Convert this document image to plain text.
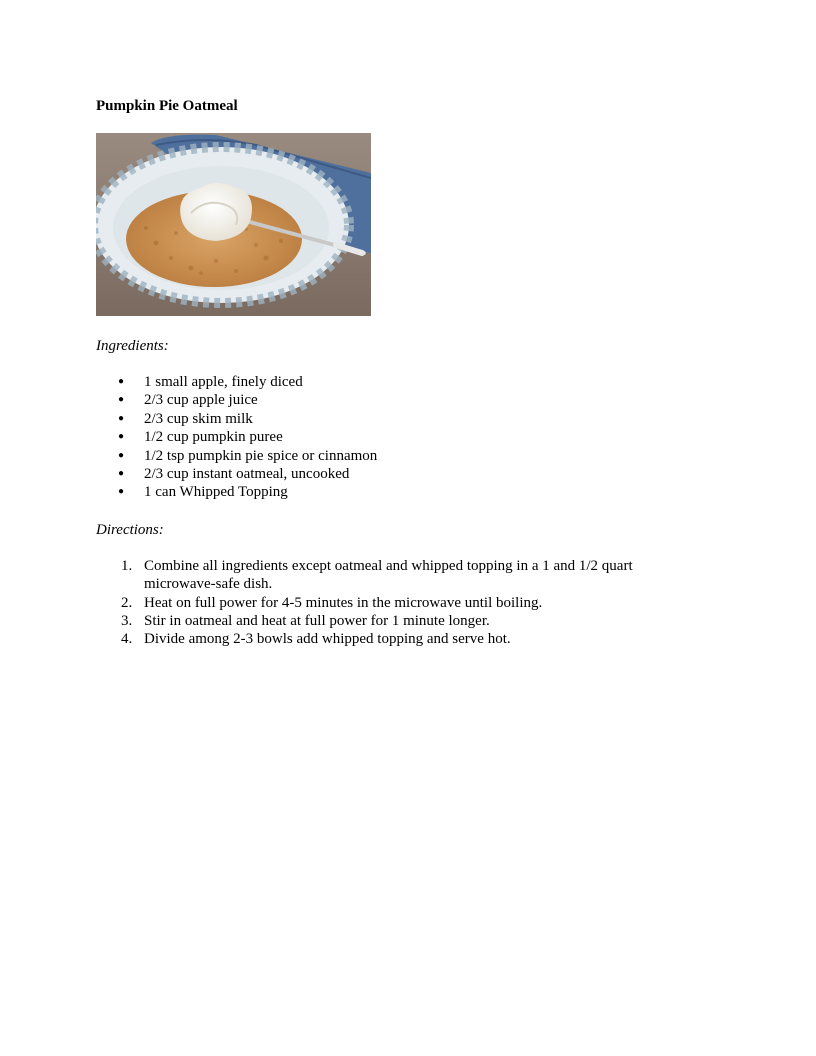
Pumpkin Pie Oatmeal

Ingredients:

● 1 small apple, finely diced
● 2/3 cup apple juice
● 2/3 cup skim milk
● 1/2 cup pumpkin puree
● 1/2 tsp pumpkin pie spice or cinnamon
● 2/3 cup instant oatmeal, uncooked
● 1 can Whipped Topping

Directions:

1. Combine all ingredients except oatmeal and whipped topping in a 1 and 1/2 quart microwave-safe dish.
2. Heat on full power for 4-5 minutes in the microwave until boiling.
3. Stir in oatmeal and heat at full power for 1 minute longer.
4. Divide among 2-3 bowls add whipped topping and serve hot.
